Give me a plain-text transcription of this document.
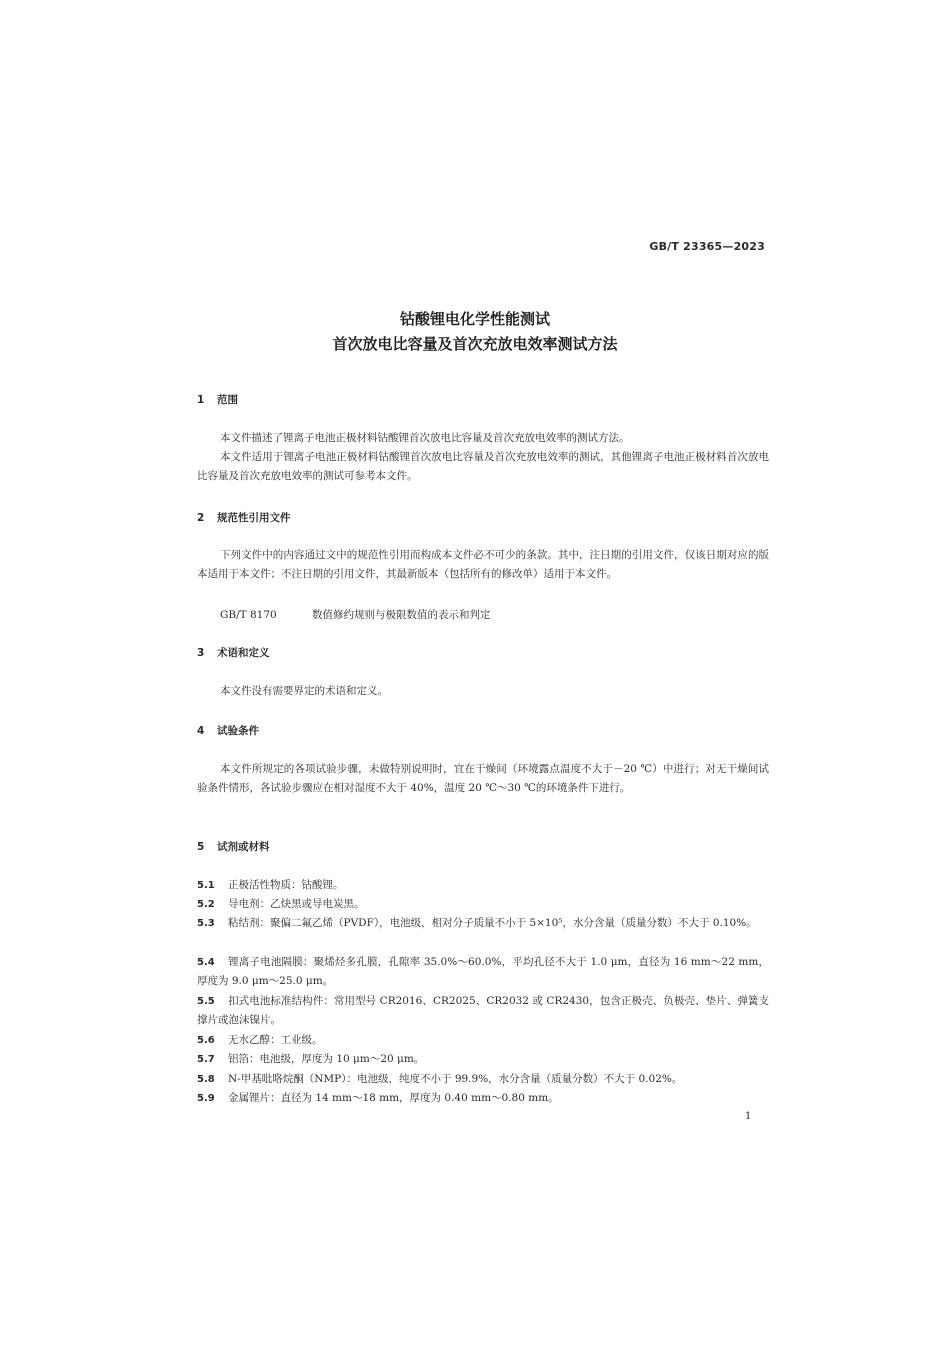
GB/T 23365—2023
钴酸锂电化学性能测试
首次放电比容量及首次充放电效率测试方法
1 范围

本文件描述了锂离子电池正极材料钴酸锂首次放电比容量及首次充放电效率的测试方法。

本文件适用于锂离子电池正极材料钴酸锂首次放电比容量及首次充放电效率的测试，其他锂离子电池正极材料首次放电比容量及首次充放电效率的测试可参考本文件。

2 规范性引用文件

下列文件中的内容通过文中的规范性引用而构成本文件必不可少的条款。其中，注日期的引用文件，仅该日期对应的版本适用于本文件；不注日期的引用文件，其最新版本（包括所有的修改单）适用于本文件。

GB/T 8170	数值修约规则与极限数值的表示和判定
3 术语和定义

本文件没有需要界定的术语和定义。

4 试验条件

本文件所规定的各项试验步骤，未做特别说明时，宜在干燥间（环境露点温度不大于－20 ℃）中进行；对无干燥间试验条件情形，各试验步骤应在相对湿度不大于 40%，温度 20 ℃～30 ℃的环境条件下进行。

5 试剂或材料

5.1 正极活性物质：钴酸锂。

5.2 导电剂：乙炔黑或导电炭黑。

5.3 粘结剂：聚偏二氟乙烯（PVDF），电池级，相对分子质量不小于 5×10⁵，水分含量（质量分数）不大于 0.10%。

5.4 锂离子电池隔膜：聚烯烃多孔膜，孔隙率 35.0%～60.0%，平均孔径不大于 1.0 μm，直径为 16 mm～22 mm，厚度为 9.0 μm～25.0 μm。

5.5 扣式电池标准结构件：常用型号 CR2016、CR2025、CR2032 或 CR2430，包含正极壳、负极壳、垫片、弹簧支撑片或泡沫镍片。

5.6 无水乙醇：工业级。

5.7 铝箔：电池级，厚度为 10 μm～20 μm。

5.8 N-甲基吡咯烷酮（NMP）：电池级，纯度不小于 99.9%，水分含量（质量分数）不大于 0.02%。

5.9 金属锂片：直径为 14 mm～18 mm，厚度为 0.40 mm～0.80 mm。

1
